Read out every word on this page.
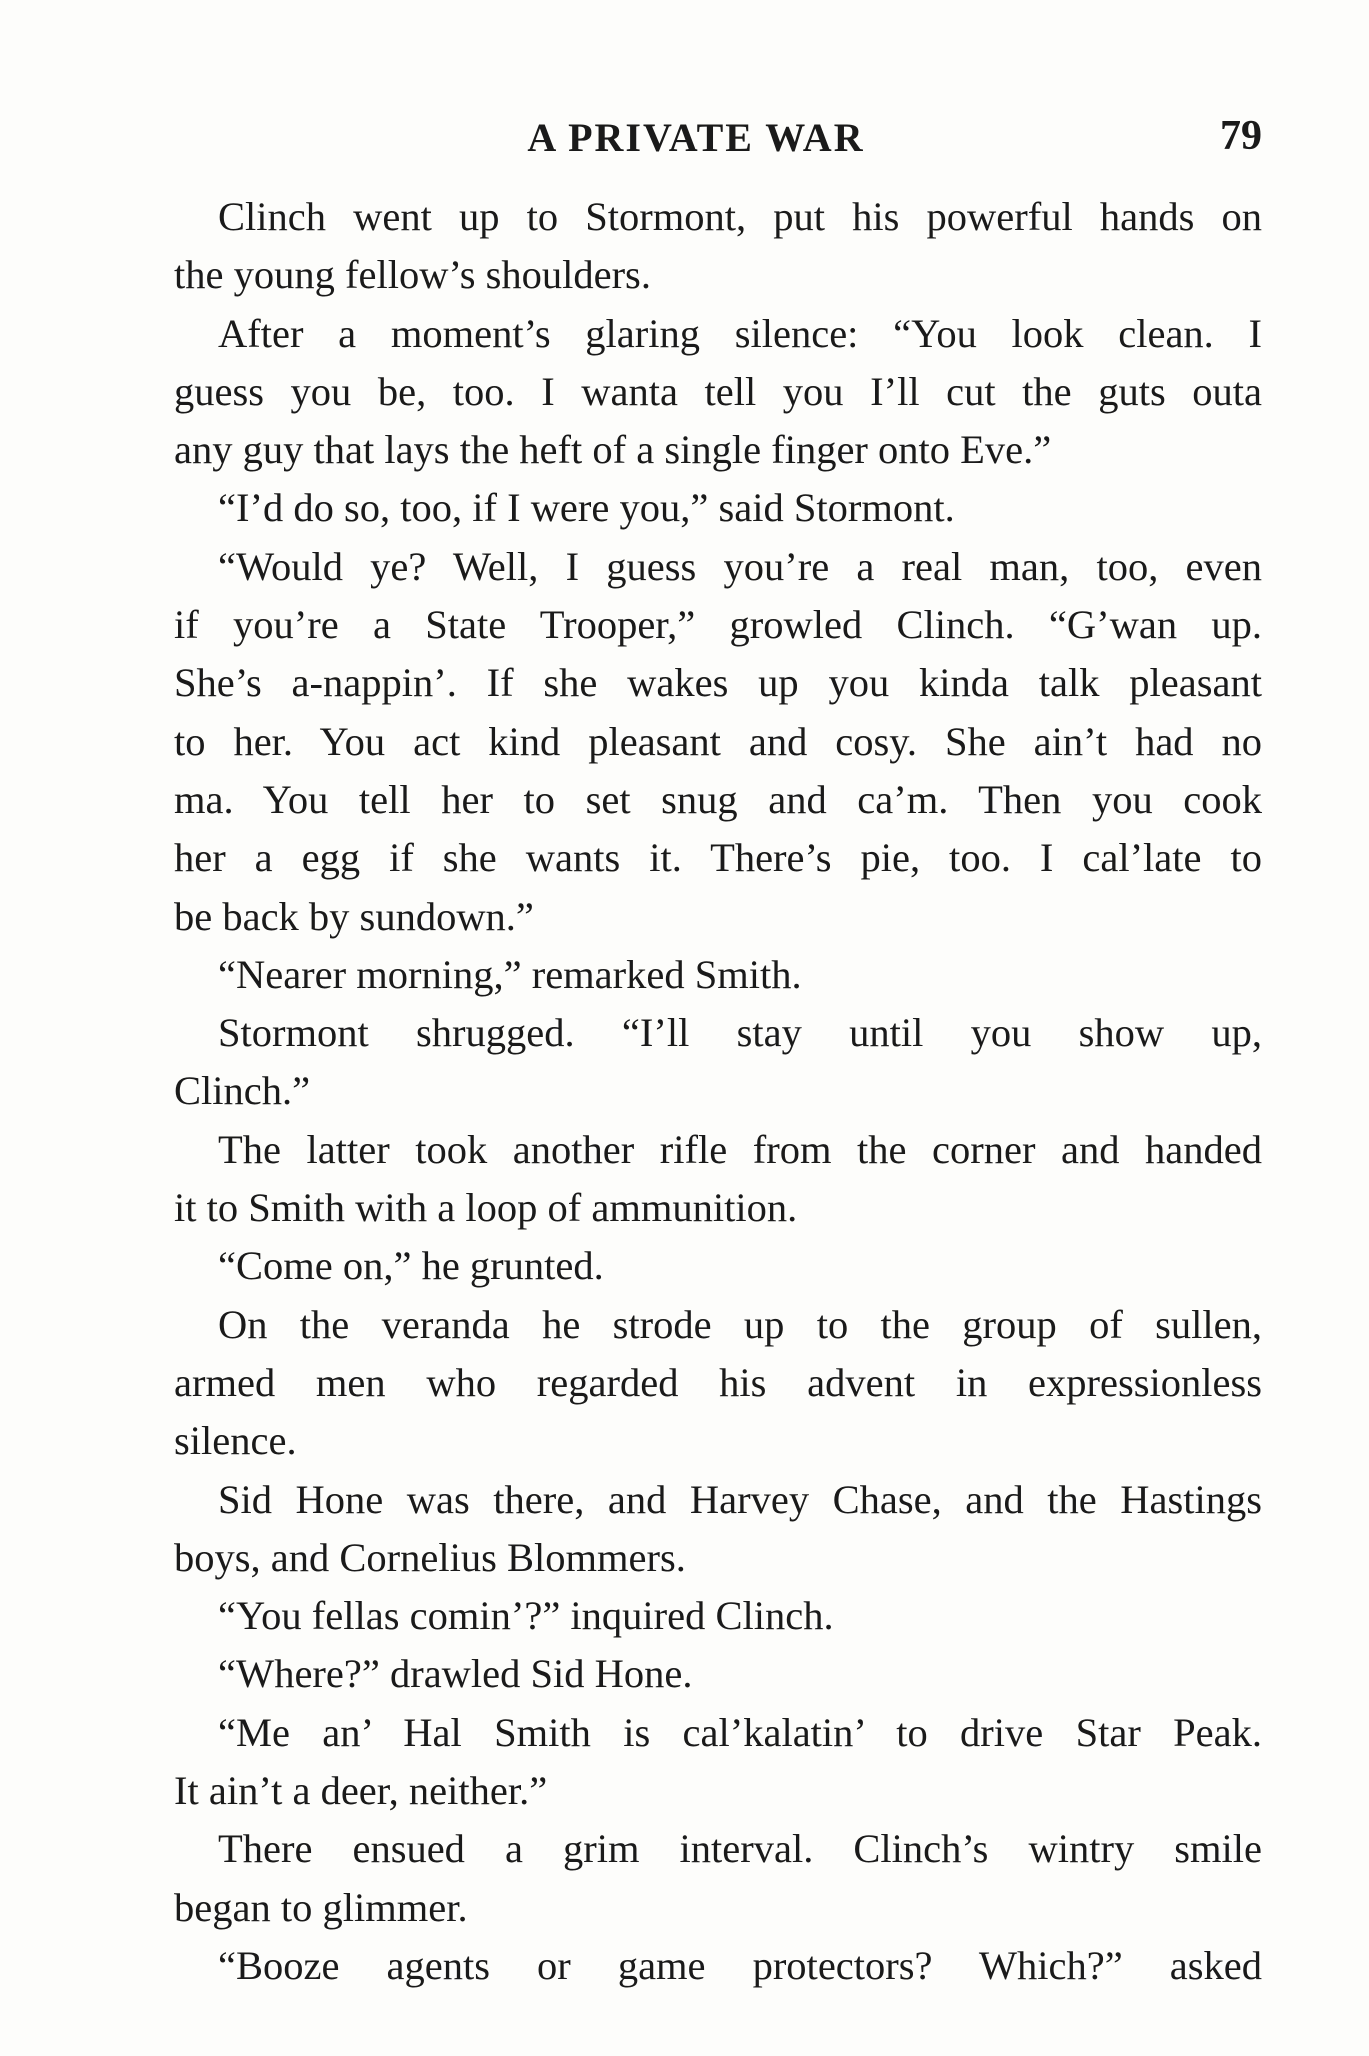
A PRIVATE WAR	79

Clinch went up to Stormont, put his powerful hands on
the young fellow’s shoulders.

After a moment’s glaring silence: “You look clean. I
guess you be, too. I wanta tell you I’ll cut the guts outa
any guy that lays the heft of a single finger onto Eve.”

“I’d do so, too, if I were you,” said Stormont.

“Would ye? Well, I guess you’re a real man, too, even
if you’re a State Trooper,” growled Clinch. “G’wan up.
She’s a-nappin’. If she wakes up you kinda talk pleasant
to her. You act kind pleasant and cosy. She ain’t had no
ma. You tell her to set snug and ca’m. Then you cook
her a egg if she wants it. There’s pie, too. I cal’late to
be back by sundown.”

“Nearer morning,” remarked Smith.

Stormont shrugged. “I’ll stay until you show up,
Clinch.”

The latter took another rifle from the corner and handed
it to Smith with a loop of ammunition.

“Come on,” he grunted.

On the veranda he strode up to the group of sullen,
armed men who regarded his advent in expressionless
silence.

Sid Hone was there, and Harvey Chase, and the Hastings
boys, and Cornelius Blommers.

“You fellas comin’?” inquired Clinch.

“Where?” drawled Sid Hone.

“Me an’ Hal Smith is cal’kalatin’ to drive Star Peak.
It ain’t a deer, neither.”

There ensued a grim interval. Clinch’s wintry smile
began to glimmer.

“Booze agents or game protectors? Which?” asked
